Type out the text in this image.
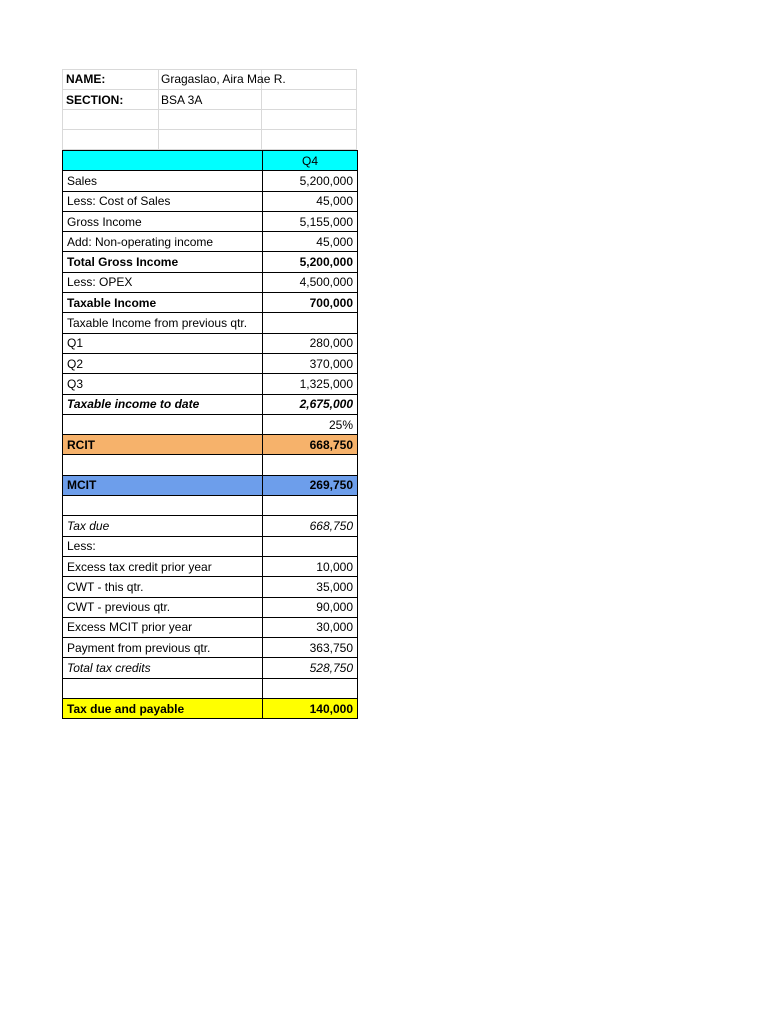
NAME:	Gragaslao, Aira Mae R.
SECTION:	BSA 3A
	Q4
Sales	5,200,000
Less: Cost of Sales	45,000
Gross Income	5,155,000
Add: Non-operating income	45,000
Total Gross Income	5,200,000
Less: OPEX	4,500,000
Taxable Income	700,000
Taxable Income from previous qtr.	
Q1	280,000
Q2	370,000
Q3	1,325,000
Taxable income to date	2,675,000
	25%
RCIT	668,750

MCIT	269,750

Tax due	668,750
Less:	
Excess tax credit prior year	10,000
CWT - this qtr.	35,000
CWT - previous qtr.	90,000
Excess MCIT prior year	30,000
Payment from previous qtr.	363,750
Total tax credits	528,750

Tax due and payable	140,000
